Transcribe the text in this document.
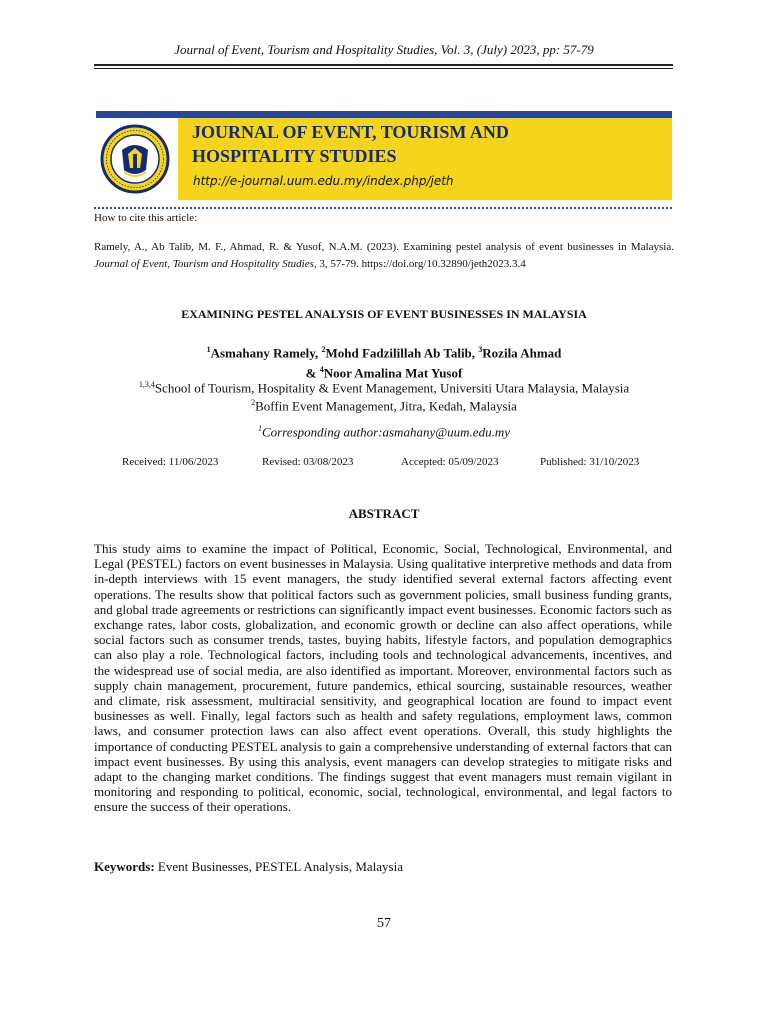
Journal of Event, Tourism and Hospitality Studies, Vol. 3, (July) 2023, pp: 57-79
JOURNAL OF EVENT, TOURISM AND
HOSPITALITY STUDIES
http://e-journal.uum.edu.my/index.php/jeth
How to cite this article:
Ramely, A., Ab Talib, M. F., Ahmad, R. & Yusof, N.A.M. (2023). Examining pestel analysis of event businesses in Malaysia. Journal of Event, Tourism and Hospitality Studies, 3, 57-79. https://doi.org/10.32890/jeth2023.3.4
EXAMINING PESTEL ANALYSIS OF EVENT BUSINESSES IN MALAYSIA
$^1$Asmahany Ramely, $^2$Mohd Fadzilillah Ab Talib, $^3$Rozila Ahmad
& $^4$Noor Amalina Mat Yusof
$^{1,3,4}$School of Tourism, Hospitality & Event Management, Universiti Utara Malaysia, Malaysia
$^2$Boffin Event Management, Jitra, Kedah, Malaysia
$^1$Corresponding author:asmahany@uum.edu.my
Received: 11/06/2023	Revised: 03/08/2023	Accepted: 05/09/2023	Published: 31/10/2023
ABSTRACT
This study aims to examine the impact of Political, Economic, Social, Technological, Environmental, and Legal (PESTEL) factors on event businesses in Malaysia. Using qualitative interpretive methods and data from in-depth interviews with 15 event managers, the study identified several external factors affecting event operations. The results show that political factors such as government policies, small business funding grants, and global trade agreements or restrictions can significantly impact event businesses. Economic factors such as exchange rates, labor costs, globalization, and economic growth or decline can also affect operations, while social factors such as consumer trends, tastes, buying habits, lifestyle factors, and population demographics can also play a role. Technological factors, including tools and technological advancements, incentives, and the widespread use of social media, are also identified as important. Moreover, environmental factors such as supply chain management, procurement, future pandemics, ethical sourcing, sustainable resources, weather and climate, risk assessment, multiracial sensitivity, and geographical location are found to impact event businesses as well. Finally, legal factors such as health and safety regulations, employment laws, common laws, and consumer protection laws can also affect event operations. Overall, this study highlights the importance of conducting PESTEL analysis to gain a comprehensive understanding of external factors that can impact event businesses. By using this analysis, event managers can develop strategies to mitigate risks and adapt to the changing market conditions. The findings suggest that event managers must remain vigilant in monitoring and responding to political, economic, social, technological, environmental, and legal factors to ensure the success of their operations.
Keywords: Event Businesses, PESTEL Analysis, Malaysia
57
